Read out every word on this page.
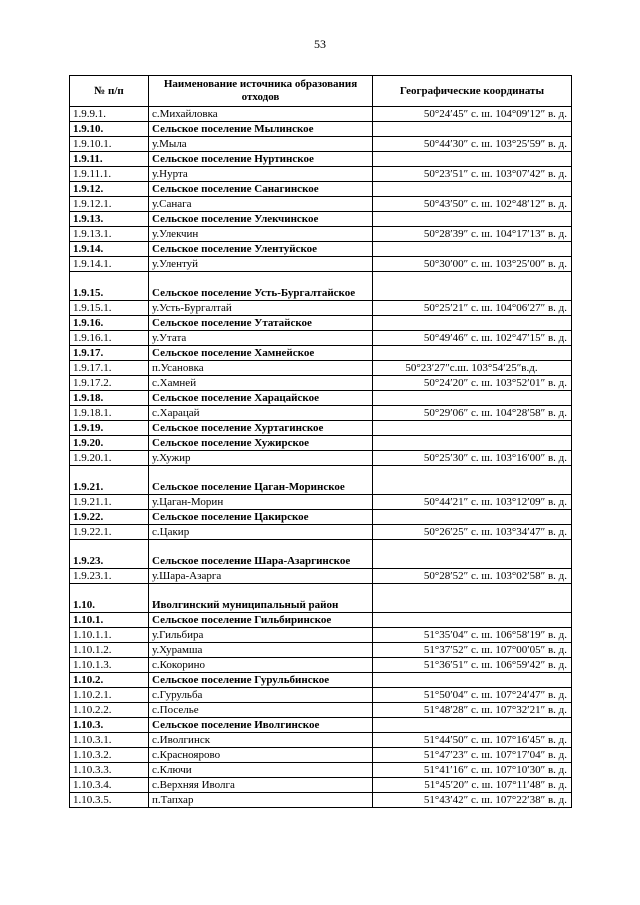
53
№ п/п	Наименование источника образования отходов	Географические координаты
1.9.9.1.	с.Михайловка	50°24′45″ с. ш. 104°09′12″ в. д.
1.9.10.	Сельское поселение Мылинское	
1.9.10.1.	у.Мыла	50°44′30″ с. ш. 103°25′59″ в. д.
1.9.11.	Сельское поселение Нуртинское	
1.9.11.1.	у.Нурта	50°23′51″ с. ш. 103°07′42″ в. д.
1.9.12.	Сельское поселение Санагинское	
1.9.12.1.	у.Санага	50°43′50″ с. ш. 102°48′12″ в. д.
1.9.13.	Сельское поселение Улекчинское	
1.9.13.1.	у.Улекчин	50°28′39″ с. ш. 104°17′13″ в. д.
1.9.14.	Сельское поселение Улентуйское	
1.9.14.1.	у.Улентуй	50°30′00″ с. ш. 103°25′00″ в. д.
1.9.15.	Сельское поселение Усть-Бургалтайское	
1.9.15.1.	у.Усть-Бургалтай	50°25′21″ с. ш. 104°06′27″ в. д.
1.9.16.	Сельское поселение Утатайское	
1.9.16.1.	у.Утата	50°49′46″ с. ш. 102°47′15″ в. д.
1.9.17.	Сельское поселение Хамнейское	
1.9.17.1.	п.Усановка	50°23′27″с.ш. 103°54′25″в.д.
1.9.17.2.	с.Хамней	50°24′20″ с. ш. 103°52′01″ в. д.
1.9.18.	Сельское поселение Харацайское	
1.9.18.1.	с.Харацай	50°29′06″ с. ш. 104°28′58″ в. д.
1.9.19.	Сельское поселение Хуртагинское	
1.9.20.	Сельское поселение Хужирское	
1.9.20.1.	у.Хужир	50°25′30″ с. ш. 103°16′00″ в. д.
1.9.21.	Сельское поселение Цаган-Моринское	
1.9.21.1.	у.Цаган-Морин	50°44′21″ с. ш. 103°12′09″ в. д.
1.9.22.	Сельское поселение Цакирское	
1.9.22.1.	с.Цакир	50°26′25″ с. ш. 103°34′47″ в. д.
1.9.23.	Сельское поселение Шара-Азаргинское	
1.9.23.1.	у.Шара-Азарга	50°28′52″ с. ш. 103°02′58″ в. д.
1.10.	Иволгинский муниципальный район	
1.10.1.	Сельское поселение Гильбиринское	
1.10.1.1.	у.Гильбира	51°35′04″ с. ш. 106°58′19″ в. д.
1.10.1.2.	у.Хурамша	51°37′52″ с. ш. 107°00′05″ в. д.
1.10.1.3.	с.Кокорино	51°36′51″ с. ш. 106°59′42″ в. д.
1.10.2.	Сельское поселение Гурульбинское	
1.10.2.1.	с.Гурульба	51°50′04″ с. ш. 107°24′47″ в. д.
1.10.2.2.	с.Поселье	51°48′28″ с. ш. 107°32′21″ в. д.
1.10.3.	Сельское поселение Иволгинское	
1.10.3.1.	с.Иволгинск	51°44′50″ с. ш. 107°16′45″ в. д.
1.10.3.2.	с.Красноярово	51°47′23″ с. ш. 107°17′04″ в. д.
1.10.3.3.	с.Ключи	51°41′16″ с. ш. 107°10′30″ в. д.
1.10.3.4.	с.Верхняя Иволга	51°45′20″ с. ш. 107°11′48″ в. д.
1.10.3.5.	п.Тапхар	51°43′42″ с. ш. 107°22′38″ в. д.
